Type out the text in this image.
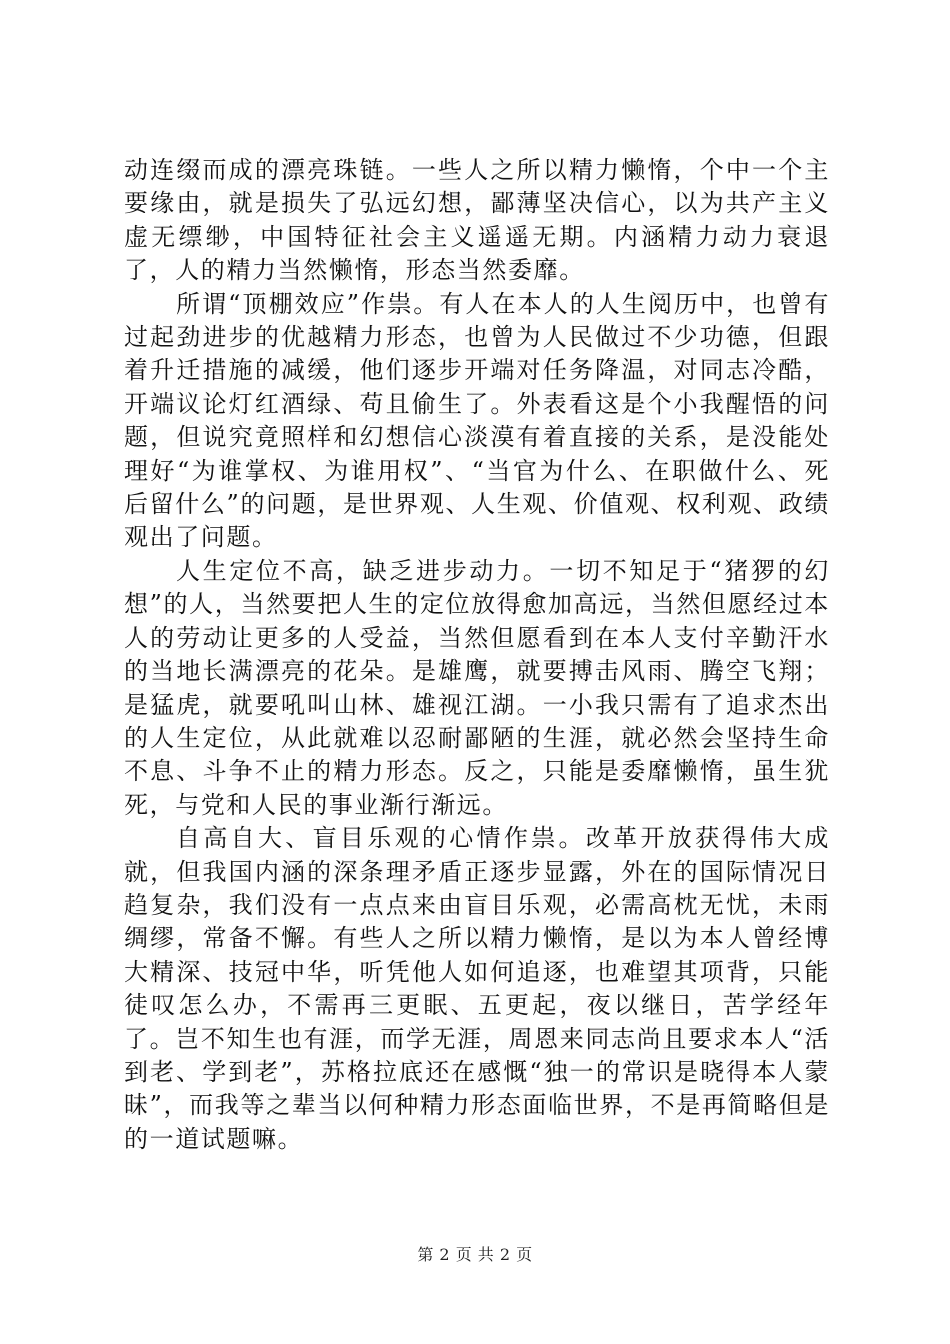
动连缀而成的漂亮珠链。一些人之所以精力懒惰，个中一个主要缘由，就是损失了弘远幻想，鄙薄坚决信心，以为共产主义虚无缥缈，中国特征社会主义遥遥无期。内涵精力动力衰退了，人的精力当然懒惰，形态当然委靡。

所谓“顶棚效应”作祟。有人在本人的人生阅历中，也曾有过起劲进步的优越精力形态，也曾为人民做过不少功德，但跟着升迁措施的减缓，他们逐步开端对任务降温，对同志冷酷，开端议论灯红酒绿、苟且偷生了。外表看这是个小我醒悟的问题，但说究竟照样和幻想信心淡漠有着直接的关系，是没能处理好“为谁掌权、为谁用权”、“当官为什么、在职做什么、死后留什么”的问题，是世界观、人生观、价值观、权利观、政绩观出了问题。

人生定位不高，缺乏进步动力。一切不知足于“猪猡的幻想”的人，当然要把人生的定位放得愈加高远，当然但愿经过本人的劳动让更多的人受益，当然但愿看到在本人支付辛勤汗水的当地长满漂亮的花朵。是雄鹰，就要搏击风雨、腾空飞翔；是猛虎，就要吼叫山林、雄视江湖。一小我只需有了追求杰出的人生定位，从此就难以忍耐鄙陋的生涯，就必然会坚持生命不息、斗争不止的精力形态。反之，只能是委靡懒惰，虽生犹死，与党和人民的事业渐行渐远。

自高自大、盲目乐观的心情作祟。改革开放获得伟大成就，但我国内涵的深条理矛盾正逐步显露，外在的国际情况日趋复杂，我们没有一点点来由盲目乐观，必需高枕无忧，未雨绸缪，常备不懈。有些人之所以精力懒惰，是以为本人曾经博大精深、技冠中华，听凭他人如何追逐，也难望其项背，只能徒叹怎么办，不需再三更眠、五更起，夜以继日，苦学经年了。岂不知生也有涯，而学无涯，周恩来同志尚且要求本人“活到老、学到老”，苏格拉底还在感慨“独一的常识是晓得本人蒙昧”，而我等之辈当以何种精力形态面临世界，不是再简略但是的一道试题嘛。

第 2 页 共 2 页
